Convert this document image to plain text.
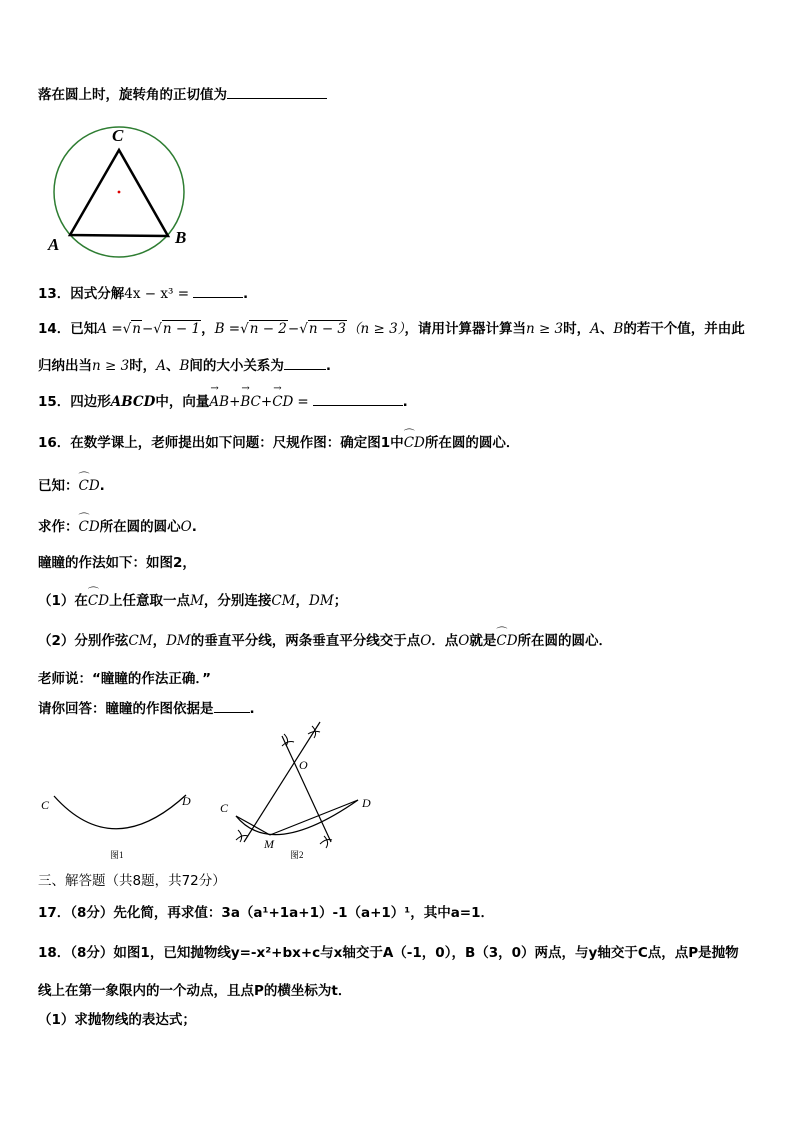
落在圆上时，旋转角的正切值为
C
A	B
13．因式分解4x − x³ =	.
14．已知A =√n−√n − 1，B =√n − 2−√n − 3（n ≥ 3），请用计算器计算当n ≥ 3时，A、B的若干个值，并由此
归纳出当n ≥ 3时，A、B间的大小关系为	.
15．四边形ABCD中，向量→ AB+→ BC+→ CD =	.
16．在数学课上，老师提出如下问题：尺规作图：确定图1中⌒ CD所在圆的圆心．
已知：⌒ CD.
求作：⌒ CD所在圆的圆心O.
瞳瞳的作法如下：如图2，
（1）在⌒ CD上任意取一点M，分别连接CM，DM；
（2）分别作弦CM，DM的垂直平分线，两条垂直平分线交于点O．点O就是⌒ CD所在圆的圆心．
老师说：“瞳瞳的作法正确．”
请你回答：瞳瞳的作图依据是	.
C	D
图1
O
C	D
M
图2
三、解答题（共8题，共72分）
17．（8分）先化简，再求值：3a（a¹+1a+1）-1（a+1）¹，其中a=1．
18．（8分）如图1，已知抛物线y=-x²+bx+c与x轴交于A（-1，0），B（3，0）两点，与y轴交于C点，点P是抛物
线上在第一象限内的一个动点，且点P的横坐标为t．
（1）求抛物线的表达式；
